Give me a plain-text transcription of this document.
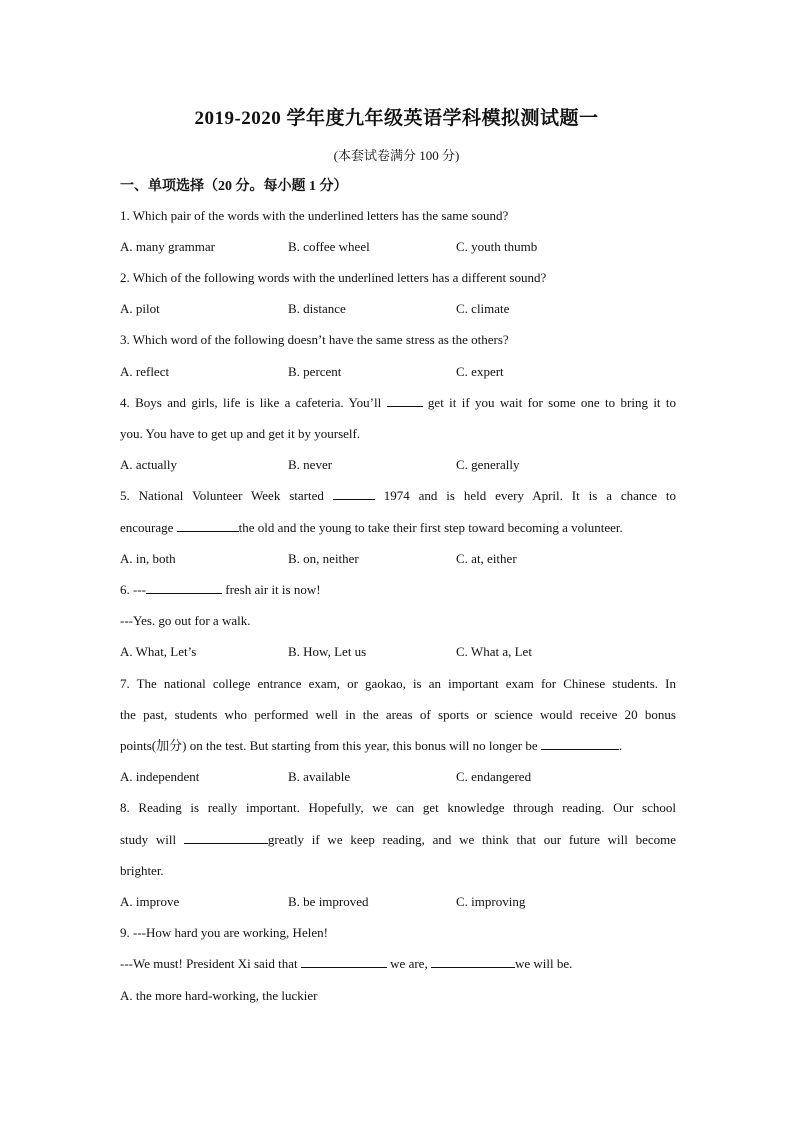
2019-2020 学年度九年级英语学科模拟测试题一
(本套试卷满分 100 分)
一、单项选择（20 分。每小题 1 分）
1. Which pair of the words with the underlined letters has the same sound?
A. many grammar	B. coffee wheel	C. youth thumb
2. Which of the following words with the underlined letters has a different sound?
A. pilot	B. distance	C. climate
3. Which word of the following doesn’t have the same stress as the others?
A. reflect	B. percent	C. expert
4. Boys and girls, life is like a cafeteria. You’ll	get it if you wait for some one to bring it to
you. You have to get up and get it by yourself.
A. actually	B. never	C. generally
5. National Volunteer Week started	1974 and is held every April. It is a chance to
encourage	the old and the young to take their first step toward becoming a volunteer.
A. in, both	B. on, neither	C. at, either
6. ---	fresh air it is now!
---Yes. go out for a walk.
A. What, Let’s	B. How, Let us	C. What a, Let
7. The national college entrance exam, or gaokao, is an important exam for Chinese students. In
the past, students who performed well in the areas of sports or science would receive 20 bonus
points(加分) on the test. But starting from this year, this bonus will no longer be	.
A. independent	B. available	C. endangered
8. Reading is really important. Hopefully, we can get knowledge through reading. Our school
study will	greatly if we keep reading, and we think that our future will become
brighter.
A. improve	B. be improved	C. improving
9. ---How hard you are working, Helen!
---We must! President Xi said that	we are,	we will be.
A. the more hard-working, the luckier
